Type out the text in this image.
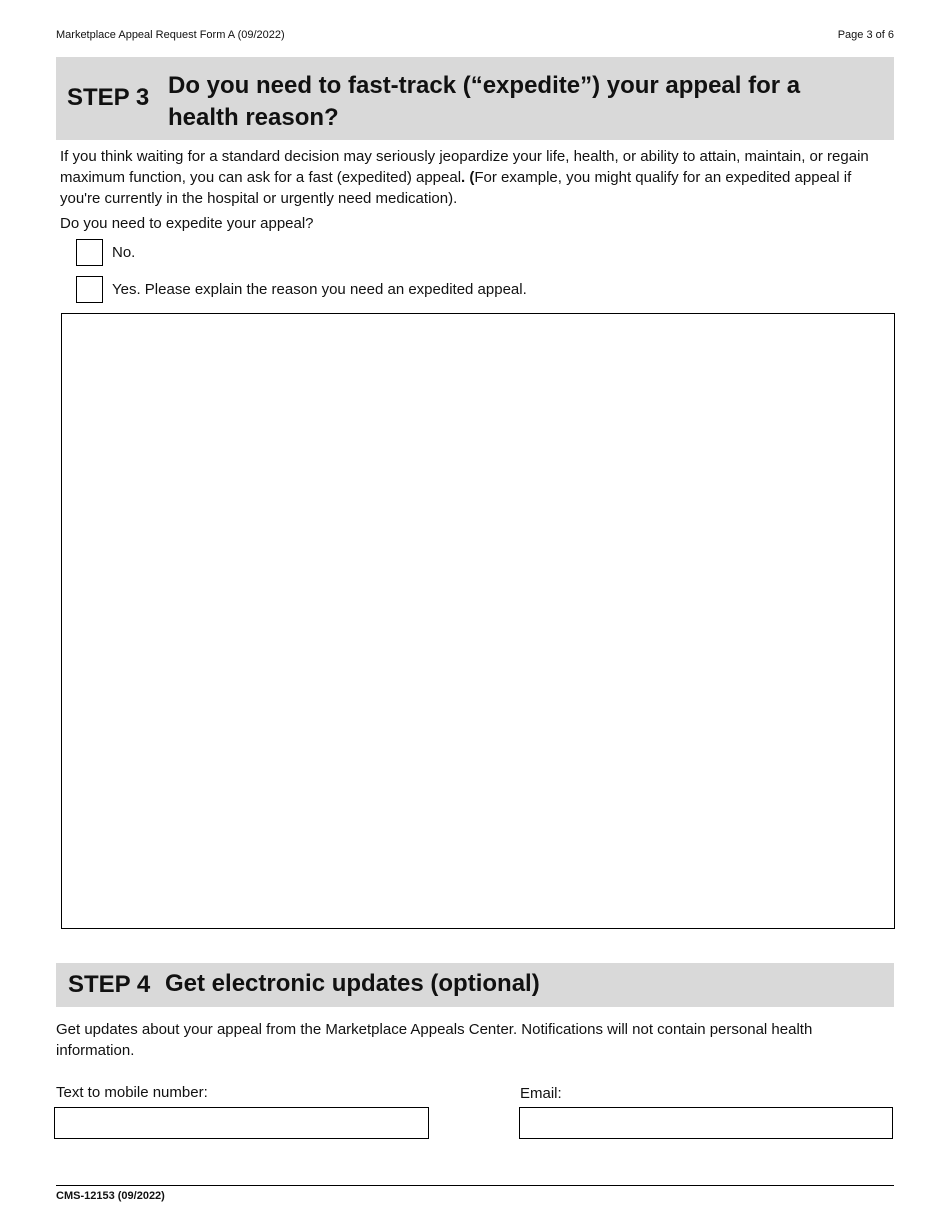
Marketplace Appeal Request Form A (09/2022)	Page 3 of 6
STEP 3 Do you need to fast-track (“expedite”) your appeal for a health reason?
If you think waiting for a standard decision may seriously jeopardize your life, health, or ability to attain, maintain, or regain maximum function, you can ask for a fast (expedited) appeal. (For example, you might qualify for an expedited appeal if you're currently in the hospital or urgently need medication).
Do you need to expedite your appeal?
No.
Yes. Please explain the reason you need an expedited appeal.
STEP 4 Get electronic updates (optional)
Get updates about your appeal from the Marketplace Appeals Center. Notifications will not contain personal health information.
Text to mobile number:	Email:
CMS-12153 (09/2022)
